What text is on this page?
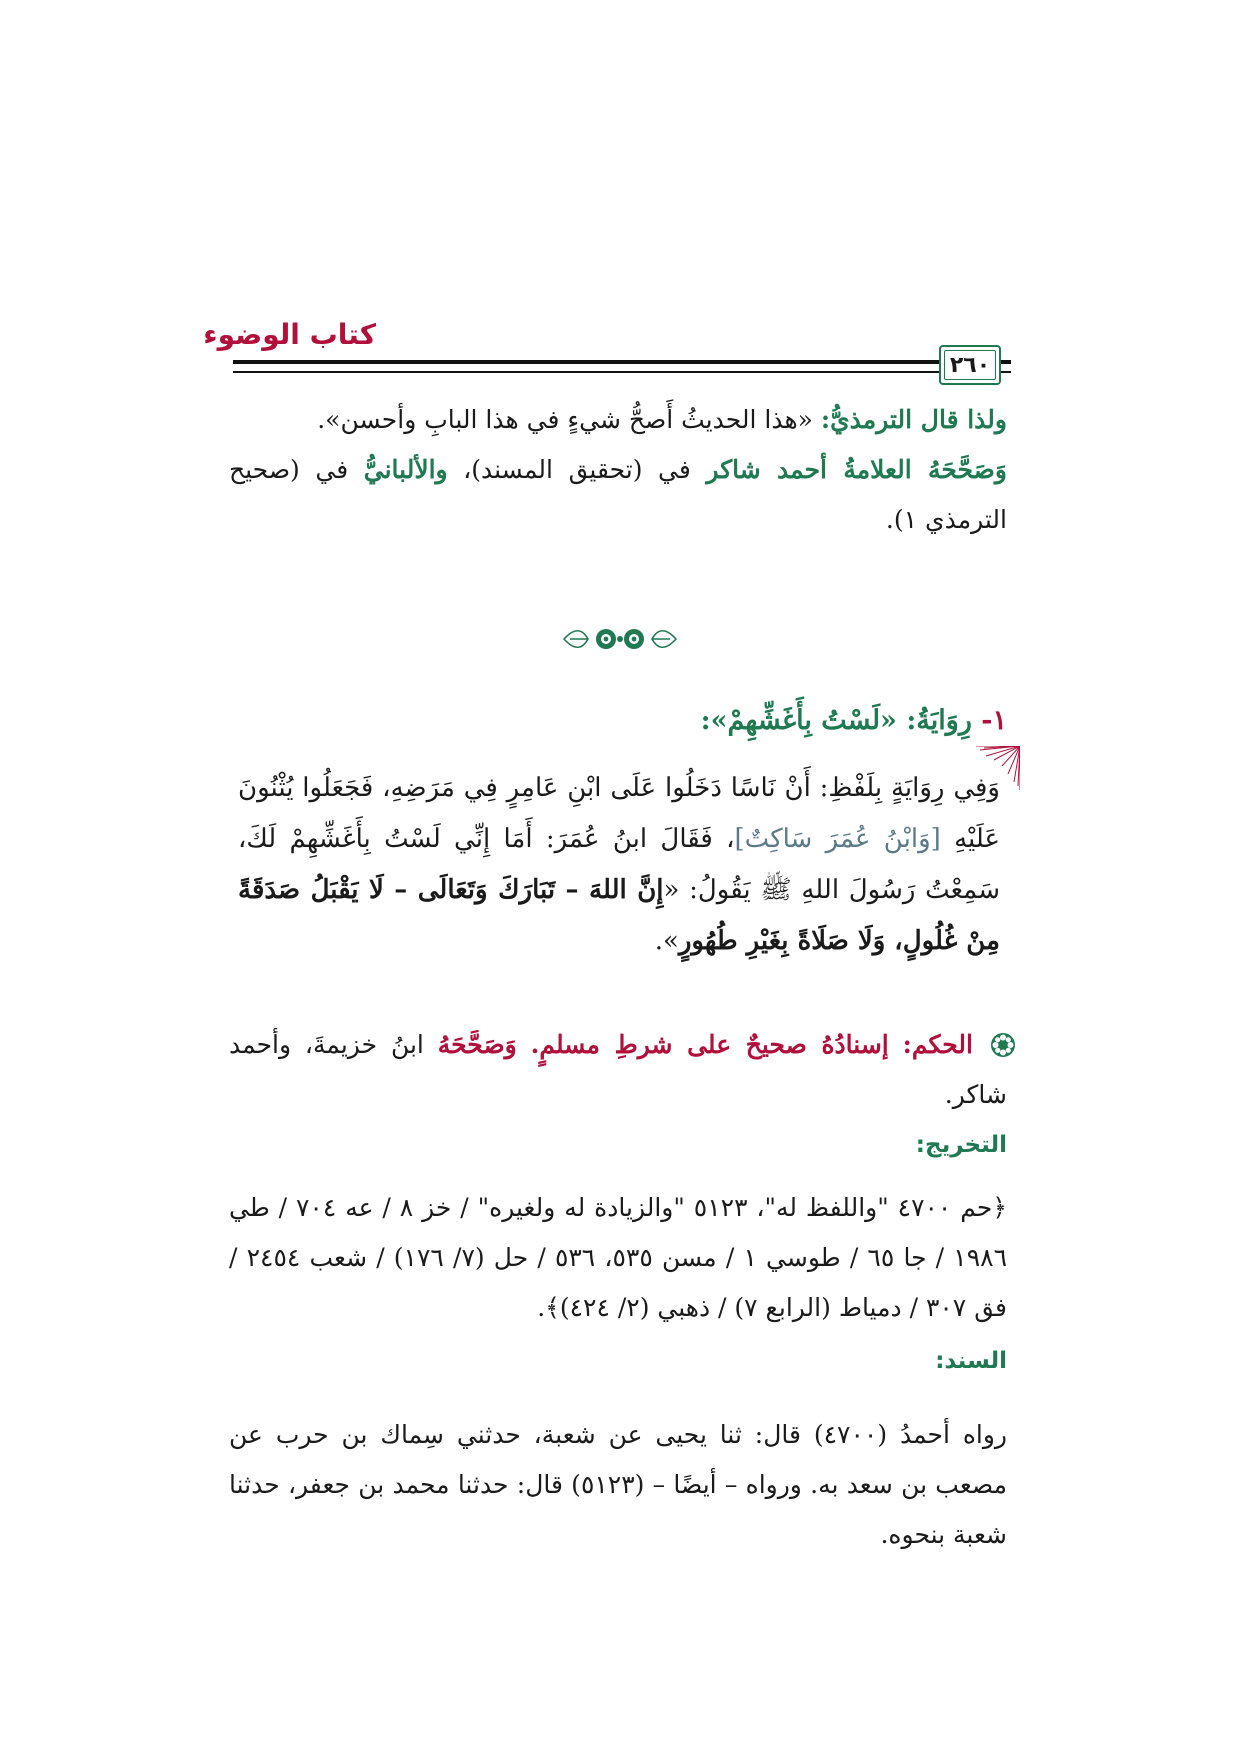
كتاب الوضوء
٢٦٠
ولذا قال الترمذيُّ: «هذا الحديثُ أَصحُّ شيءٍ في هذا البابِ وأحسن».
وَصَحَّحَهُ العلامةُ أحمد شاكر في (تحقيق المسند)، والألبانيُّ في (صحيح الترمذي ١).
١- رِوَايَةُ: «لَسْتُ بِأَغَشِّهِمْ»:
وَفِي رِوَايَةٍ بِلَفْظِ: أَنْ نَاسًا دَخَلُوا عَلَى ابْنِ عَامِرٍ فِي مَرَضِهِ، فَجَعَلُوا يُثْنُونَ عَلَيْهِ [وَابْنُ عُمَرَ سَاكِتٌ]، فَقَالَ ابنُ عُمَرَ: أَمَا إِنِّي لَسْتُ بِأَغَشِّهِمْ لَكَ، سَمِعْتُ رَسُولَ اللهِ ﷺ يَقُولُ: «إِنَّ اللهَ – تَبَارَكَ وَتَعَالَى – لَا يَقْبَلُ صَدَقَةً مِنْ غُلُولٍ، وَلَا صَلَاةً بِغَيْرِ طُهُورٍ».
الحكم: إسنادُهُ صحيحٌ على شرطِ مسلمٍ. وَصَحَّحَهُ ابنُ خزيمةَ، وأحمد شاكر.
التخريج:
﴿حم ٤٧٠٠ "واللفظ له"، ٥١٢٣ "والزيادة له ولغيره" / خز ٨ / عه ٧٠٤ / طي ١٩٨٦ / جا ٦٥ / طوسي ١ / مسن ٥٣٥، ٥٣٦ / حل (٧/ ١٧٦) / شعب ٢٤٥٤ / فق ٣٠٧ / دمياط (الرابع ٧) / ذهبي (٢/ ٤٢٤)﴾.
السند:
رواه أحمدُ (٤٧٠٠) قال: ثنا يحيى عن شعبة، حدثني سِماك بن حرب عن مصعب بن سعد به. ورواه – أيضًا – (٥١٢٣) قال: حدثنا محمد بن جعفر، حدثنا شعبة بنحوه.
